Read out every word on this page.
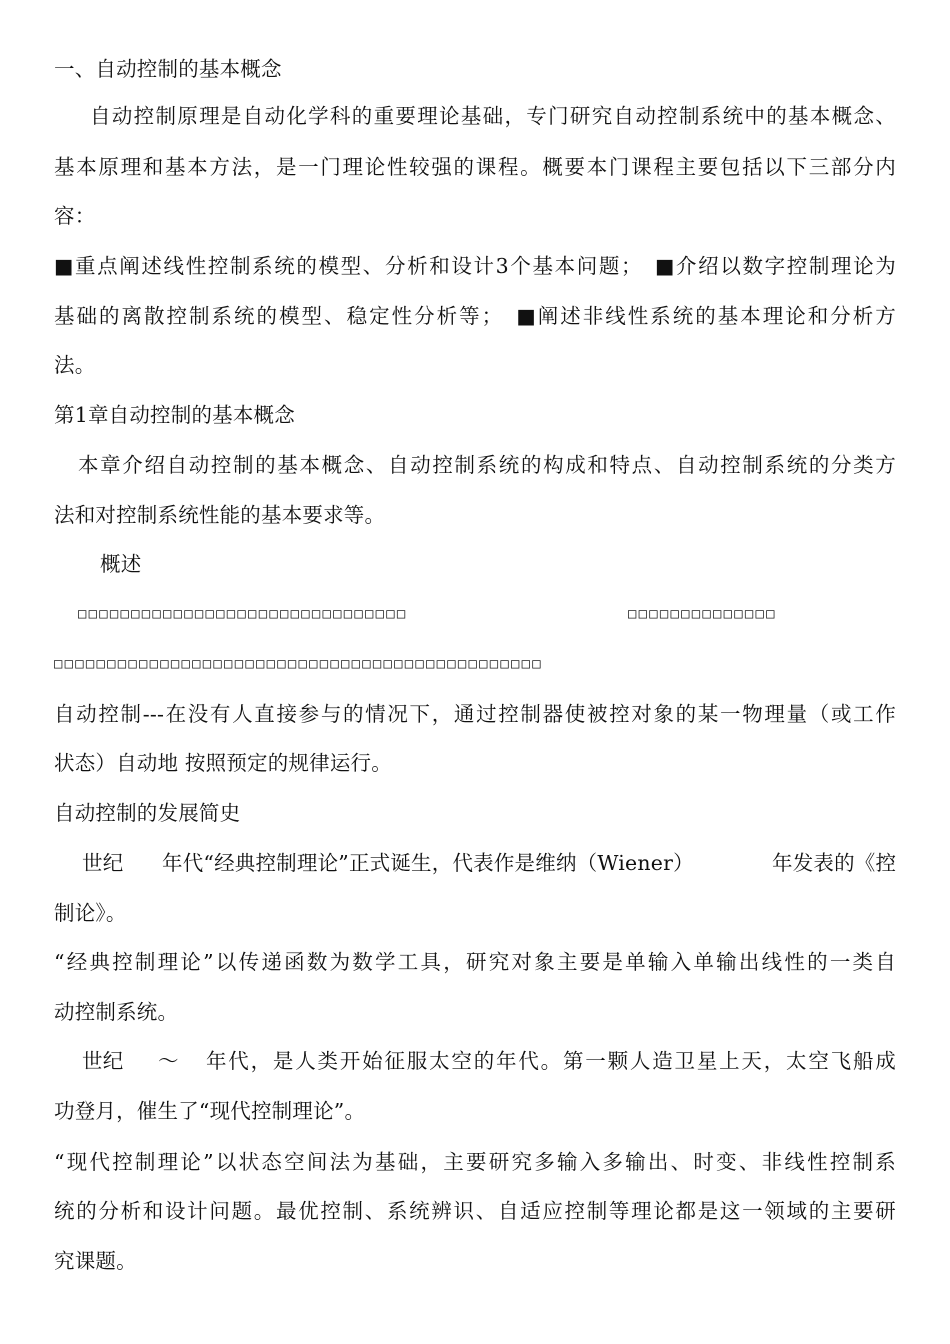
一、自动控制的基本概念
自动控制原理是自动化学科的重要理论基础，专门研究自动控制系统中的基本概念、
基本原理和基本方法，是一门理论性较强的课程。概要本门课程主要包括以下三部分内
容：
■重点阐述线性控制系统的模型、分析和设计3个基本问题；　■介绍以数字控制理论为
基础的离散控制系统的模型、稳定性分析等；　■阐述非线性系统的基本理论和分析方
法。
第1章自动控制的基本概念
本章介绍自动控制的基本概念、自动控制系统的构成和特点、自动控制系统的分类方
法和对控制系统性能的基本要求等。
概述
□□□□□□□□□□□□□□□□□□□□□□□□□□□□□□□	□□□□□□□□□□□□□□
□□□□□□□□□□□□□□□□□□□□□□□□□□□□□□□□□□□□□□□□□□□□□□
自动控制---在没有人直接参与的情况下，通过控制器使被控对象的某一物理量（或工作
状态）自动地 按照预定的规律运行。
自动控制的发展简史
世纪 年代“经典控制理论”正式诞生，代表作是维纳（Wiener）	年发表的《控
制论》。
“经典控制理论”以传递函数为数学工具，研究对象主要是单输入单输出线性的一类自
动控制系统。
世纪 ～ 年代，是人类开始征服太空的年代。第一颗人造卫星上天，太空飞船成
功登月，催生了“现代控制理论”。
“现代控制理论”以状态空间法为基础，主要研究多输入多输出、时变、非线性控制系
统的分析和设计问题。最优控制、系统辨识、自适应控制等理论都是这一领域的主要研
究课题。
